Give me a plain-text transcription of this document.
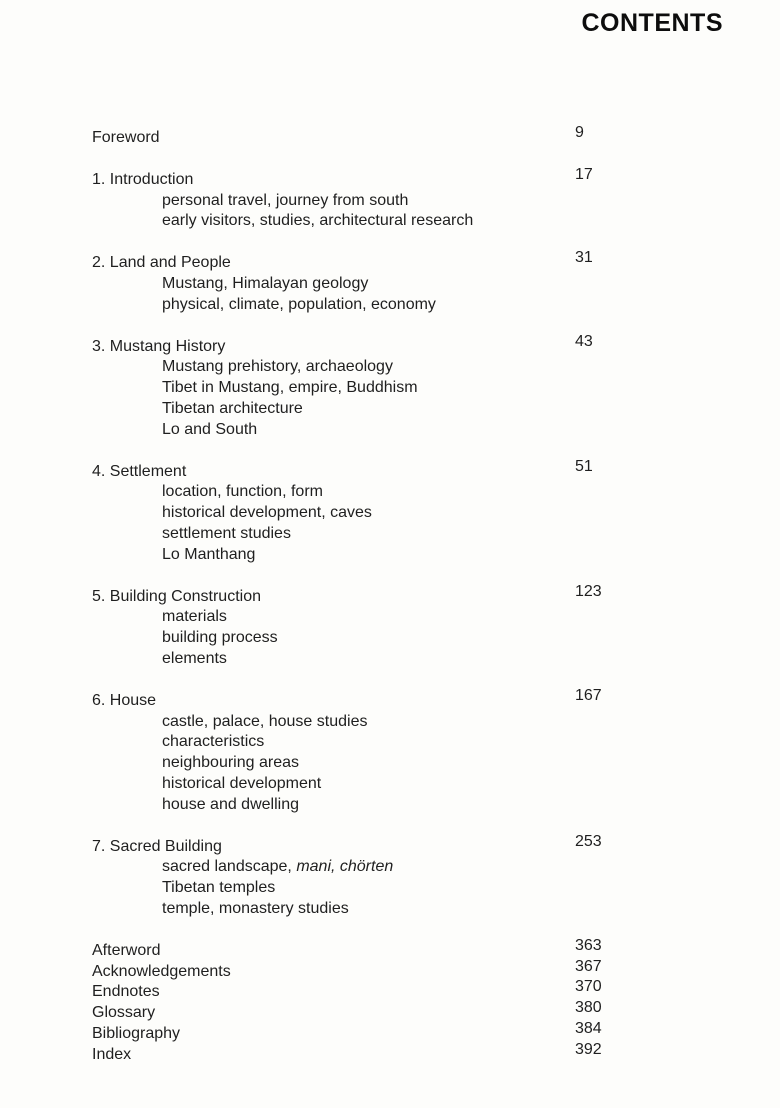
CONTENTS
Foreword	9
1. Introduction	17
personal travel, journey from south
early visitors, studies, architectural research
2. Land and People	31
Mustang, Himalayan geology
physical, climate, population, economy
3. Mustang History	43
Mustang prehistory, archaeology
Tibet in Mustang, empire, Buddhism
Tibetan architecture
Lo and South
4. Settlement	51
location, function, form
historical development, caves
settlement studies
Lo Manthang
5. Building Construction	123
materials
building process
elements
6. House	167
castle, palace, house studies
characteristics
neighbouring areas
historical development
house and dwelling
7. Sacred Building	253
sacred landscape, mani, chörten
Tibetan temples
temple, monastery studies
Afterword	363
Acknowledgements	367
Endnotes	370
Glossary	380
Bibliography	384
Index	392
